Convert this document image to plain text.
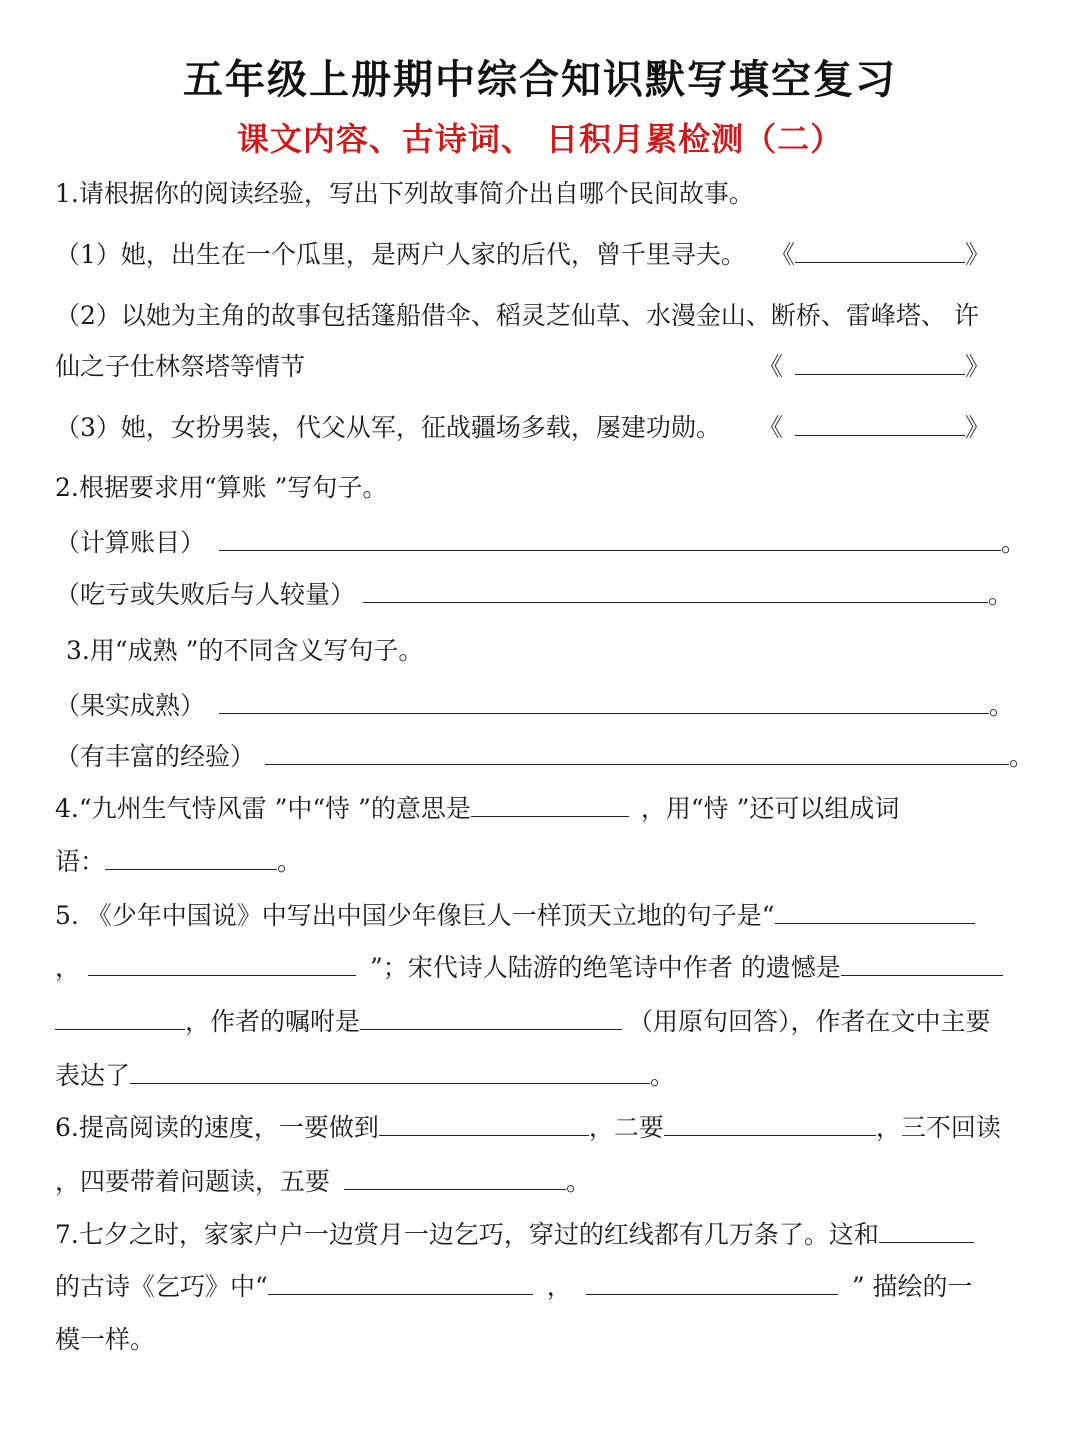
五年级上册期中综合知识默写填空复习
课文内容、古诗词、 日积月累检测（二）
1.请根据你的阅读经验，写出下列故事简介出自哪个民间故事。
（1）她，出生在一个瓜里，是两户人家的后代，曾千里寻夫。 《	》
（2）以她为主角的故事包括篷船借伞、稻灵芝仙草、水漫金山、断桥、雷峰塔、 许
仙之子仕林祭塔等情节	《	》
（3）她，女扮男装，代父从军，征战疆场多载，屡建功勋。 《	》
2.根据要求用“算账 ”写句子。
（计算账目）	。
（吃亏或失败后与人较量）	。
3.用“成熟 ”的不同含义写句子。
（果实成熟）	。
（有丰富的经验）	。
4.“九州生气恃风雷 ”中“恃 ”的意思是	，用“恃 ”还可以组成词
语：	。
5. 《少年中国说》中写出中国少年像巨人一样顶天立地的句子是“
，	”；宋代诗人陆游的绝笔诗中作者 的遗憾是
，作者的嘱咐是	（用原句回答），作者在文中主要
表达了	。
6.提高阅读的速度，一要做到	，二要	，三不回读
，四要带着问题读，五要	。
7.七夕之时，家家户户一边赏月一边乞巧，穿过的红线都有几万条了。这和
的古诗《乞巧》中“	，	” 描绘的一
模一样。
